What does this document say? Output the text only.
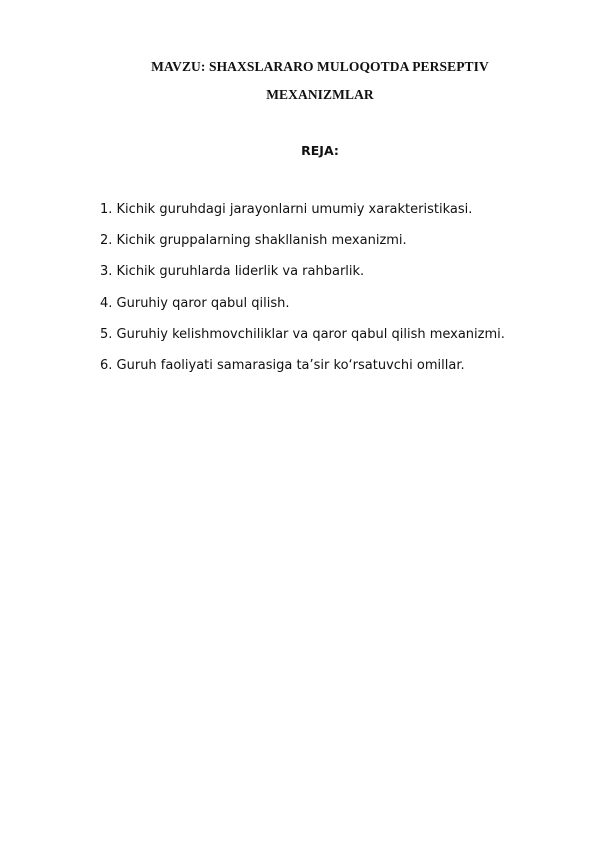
MAVZU: SHAXSLARARO MULOQOTDA PERSEPTIV
MEXANIZMLAR
REJA:
1. Kichik guruhdagi jarayonlarni umumiy xarakteristikasi.
2. Kichik gruppalarning shakllanish mexanizmi.
3. Kichik guruhlarda liderlik va rahbarlik.
4. Guruhiy qaror qabul qilish.
5. Guruhiy kelishmovchiliklar va qaror qabul qilish mexanizmi.
6. Guruh faoliyati samarasiga ta’sir ko‘rsatuvchi omillar.
